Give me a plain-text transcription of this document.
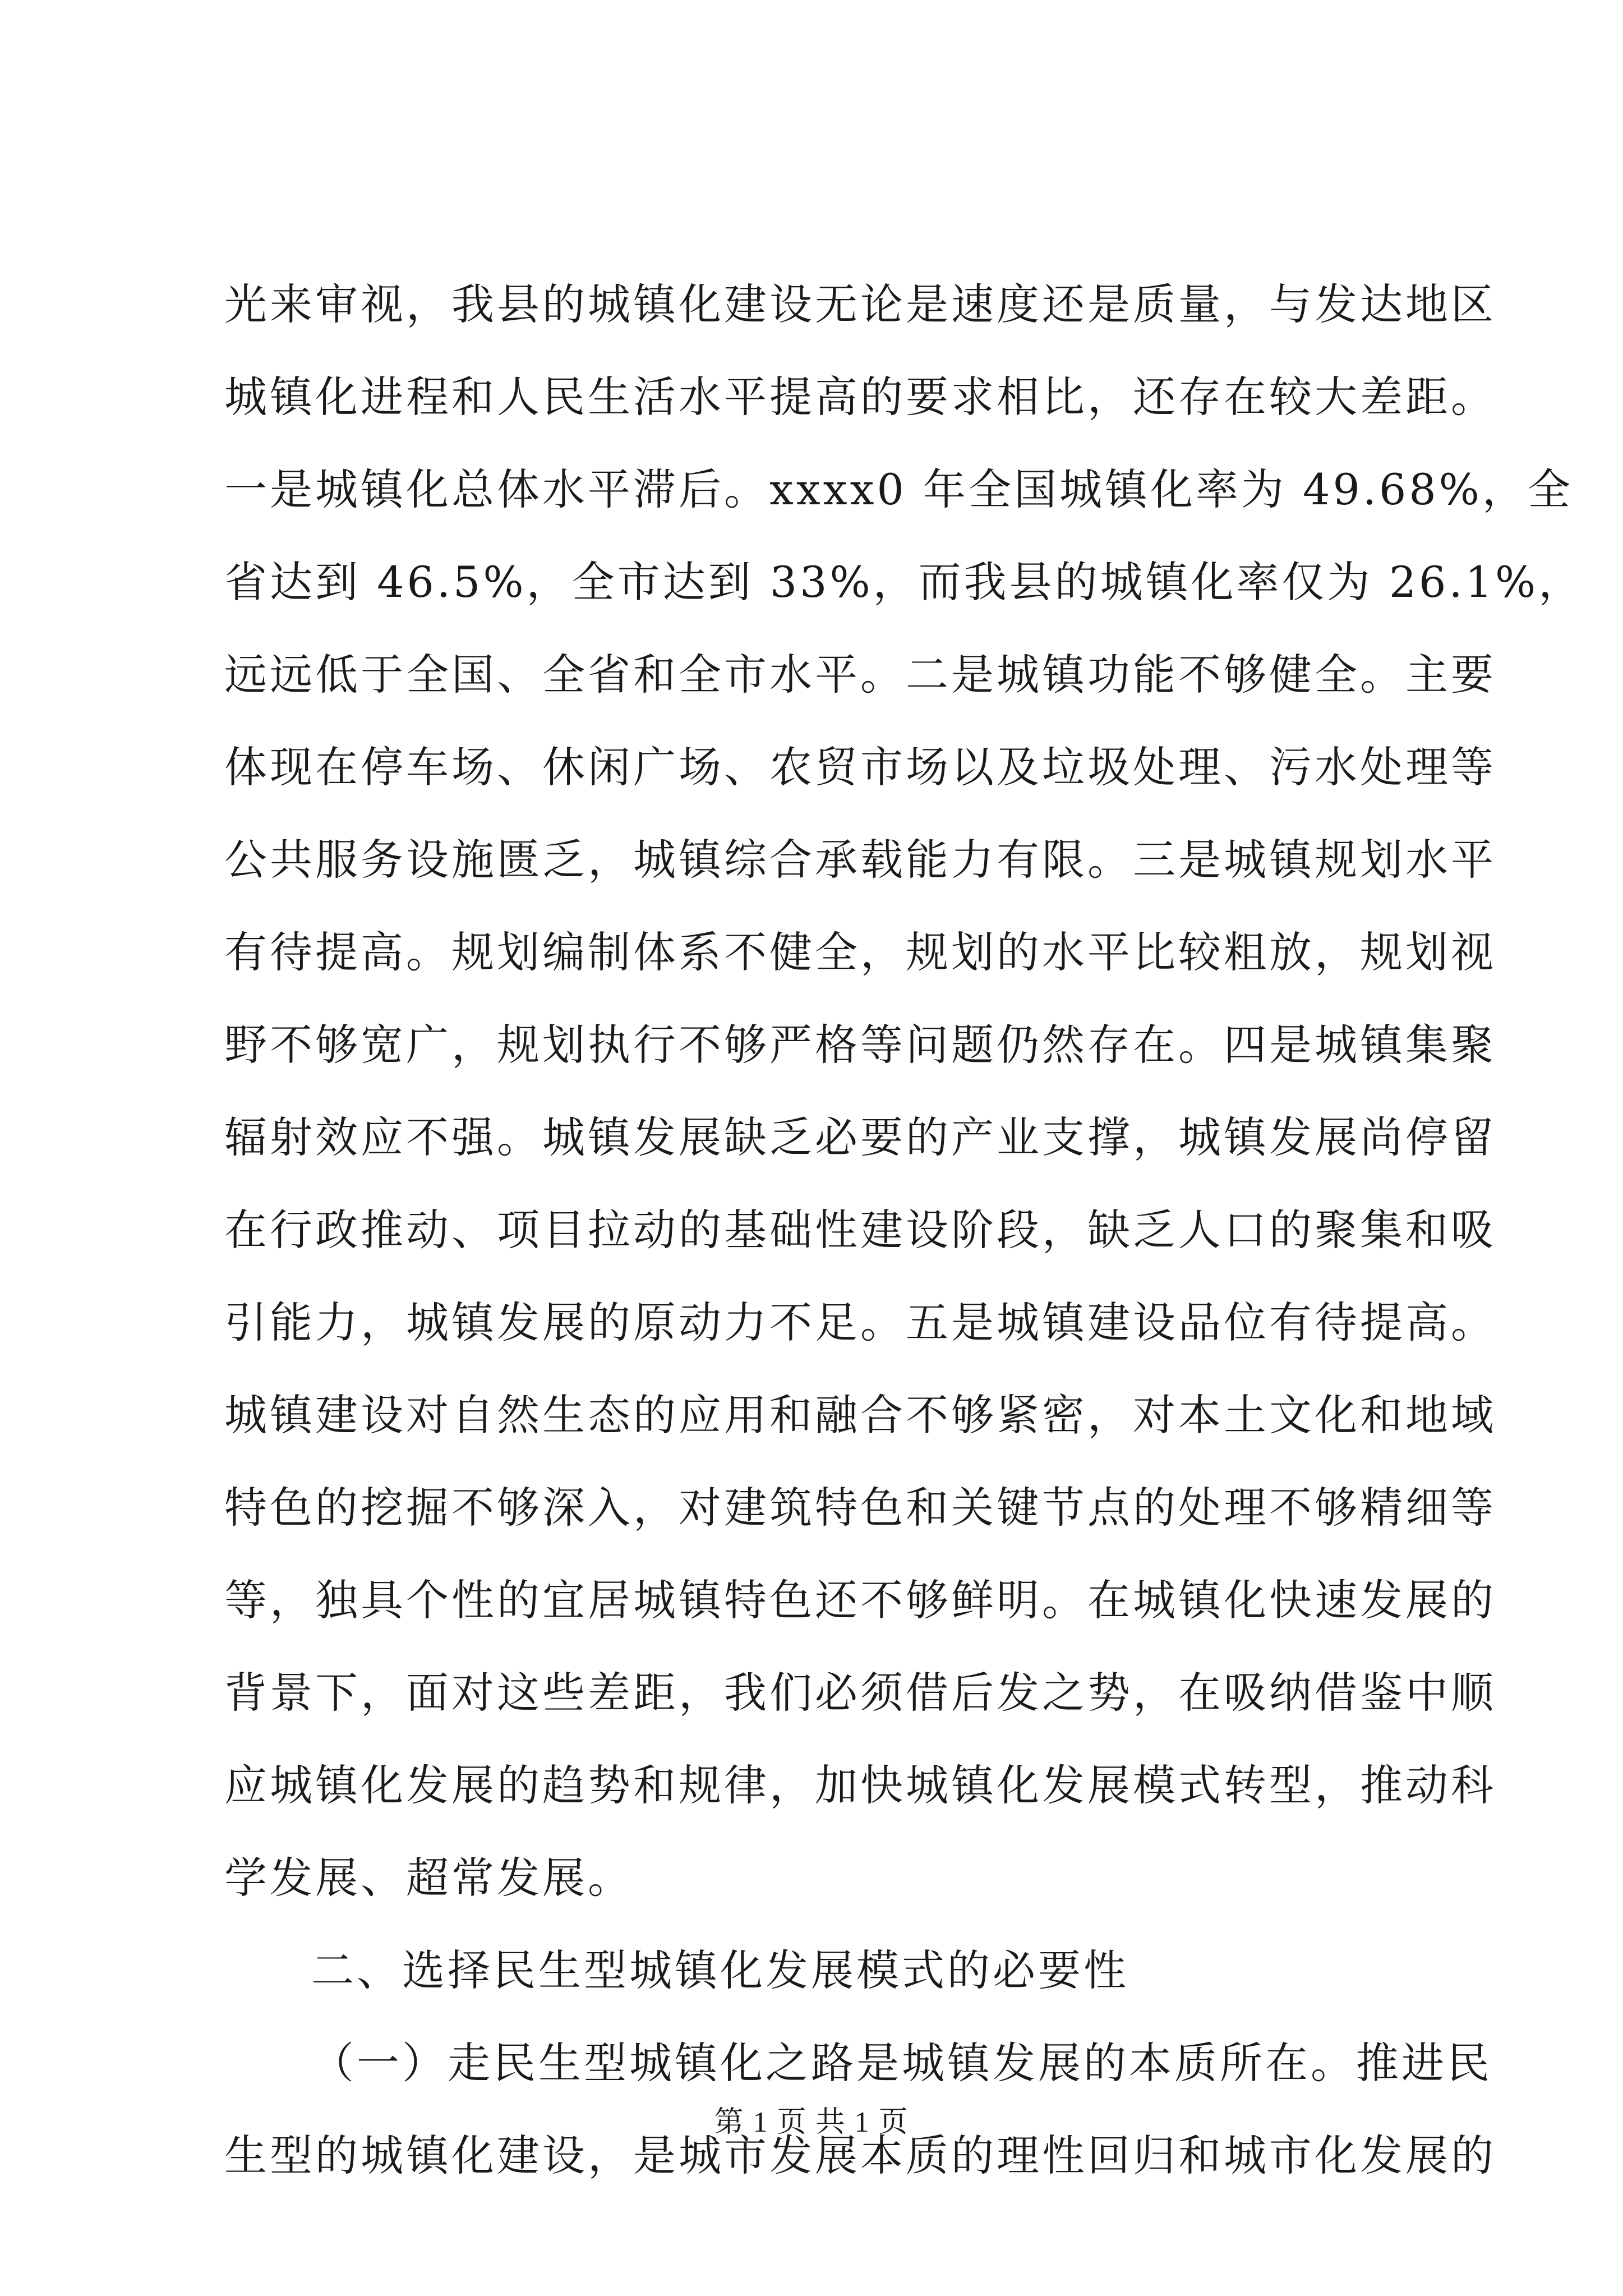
光来审视，我县的城镇化建设无论是速度还是质量，与发达地区
城镇化进程和人民生活水平提高的要求相比，还存在较大差距。
一是城镇化总体水平滞后。xxxx0 年全国城镇化率为 49.68%，全
省达到 46.5%，全市达到 33%，而我县的城镇化率仅为 26.1%，
远远低于全国、全省和全市水平。二是城镇功能不够健全。主要
体现在停车场、休闲广场、农贸市场以及垃圾处理、污水处理等
公共服务设施匮乏，城镇综合承载能力有限。三是城镇规划水平
有待提高。规划编制体系不健全，规划的水平比较粗放，规划视
野不够宽广，规划执行不够严格等问题仍然存在。四是城镇集聚
辐射效应不强。城镇发展缺乏必要的产业支撑，城镇发展尚停留
在行政推动、项目拉动的基础性建设阶段，缺乏人口的聚集和吸
引能力，城镇发展的原动力不足。五是城镇建设品位有待提高。
城镇建设对自然生态的应用和融合不够紧密，对本土文化和地域
特色的挖掘不够深入，对建筑特色和关键节点的处理不够精细等
等，独具个性的宜居城镇特色还不够鲜明。在城镇化快速发展的
背景下，面对这些差距，我们必须借后发之势，在吸纳借鉴中顺
应城镇化发展的趋势和规律，加快城镇化发展模式转型，推动科
学发展、超常发展。
二、选择民生型城镇化发展模式的必要性
（一）走民生型城镇化之路是城镇发展的本质所在。推进民
生型的城镇化建设，是城市发展本质的理性回归和城市化发展的
第 1 页 共 1 页
